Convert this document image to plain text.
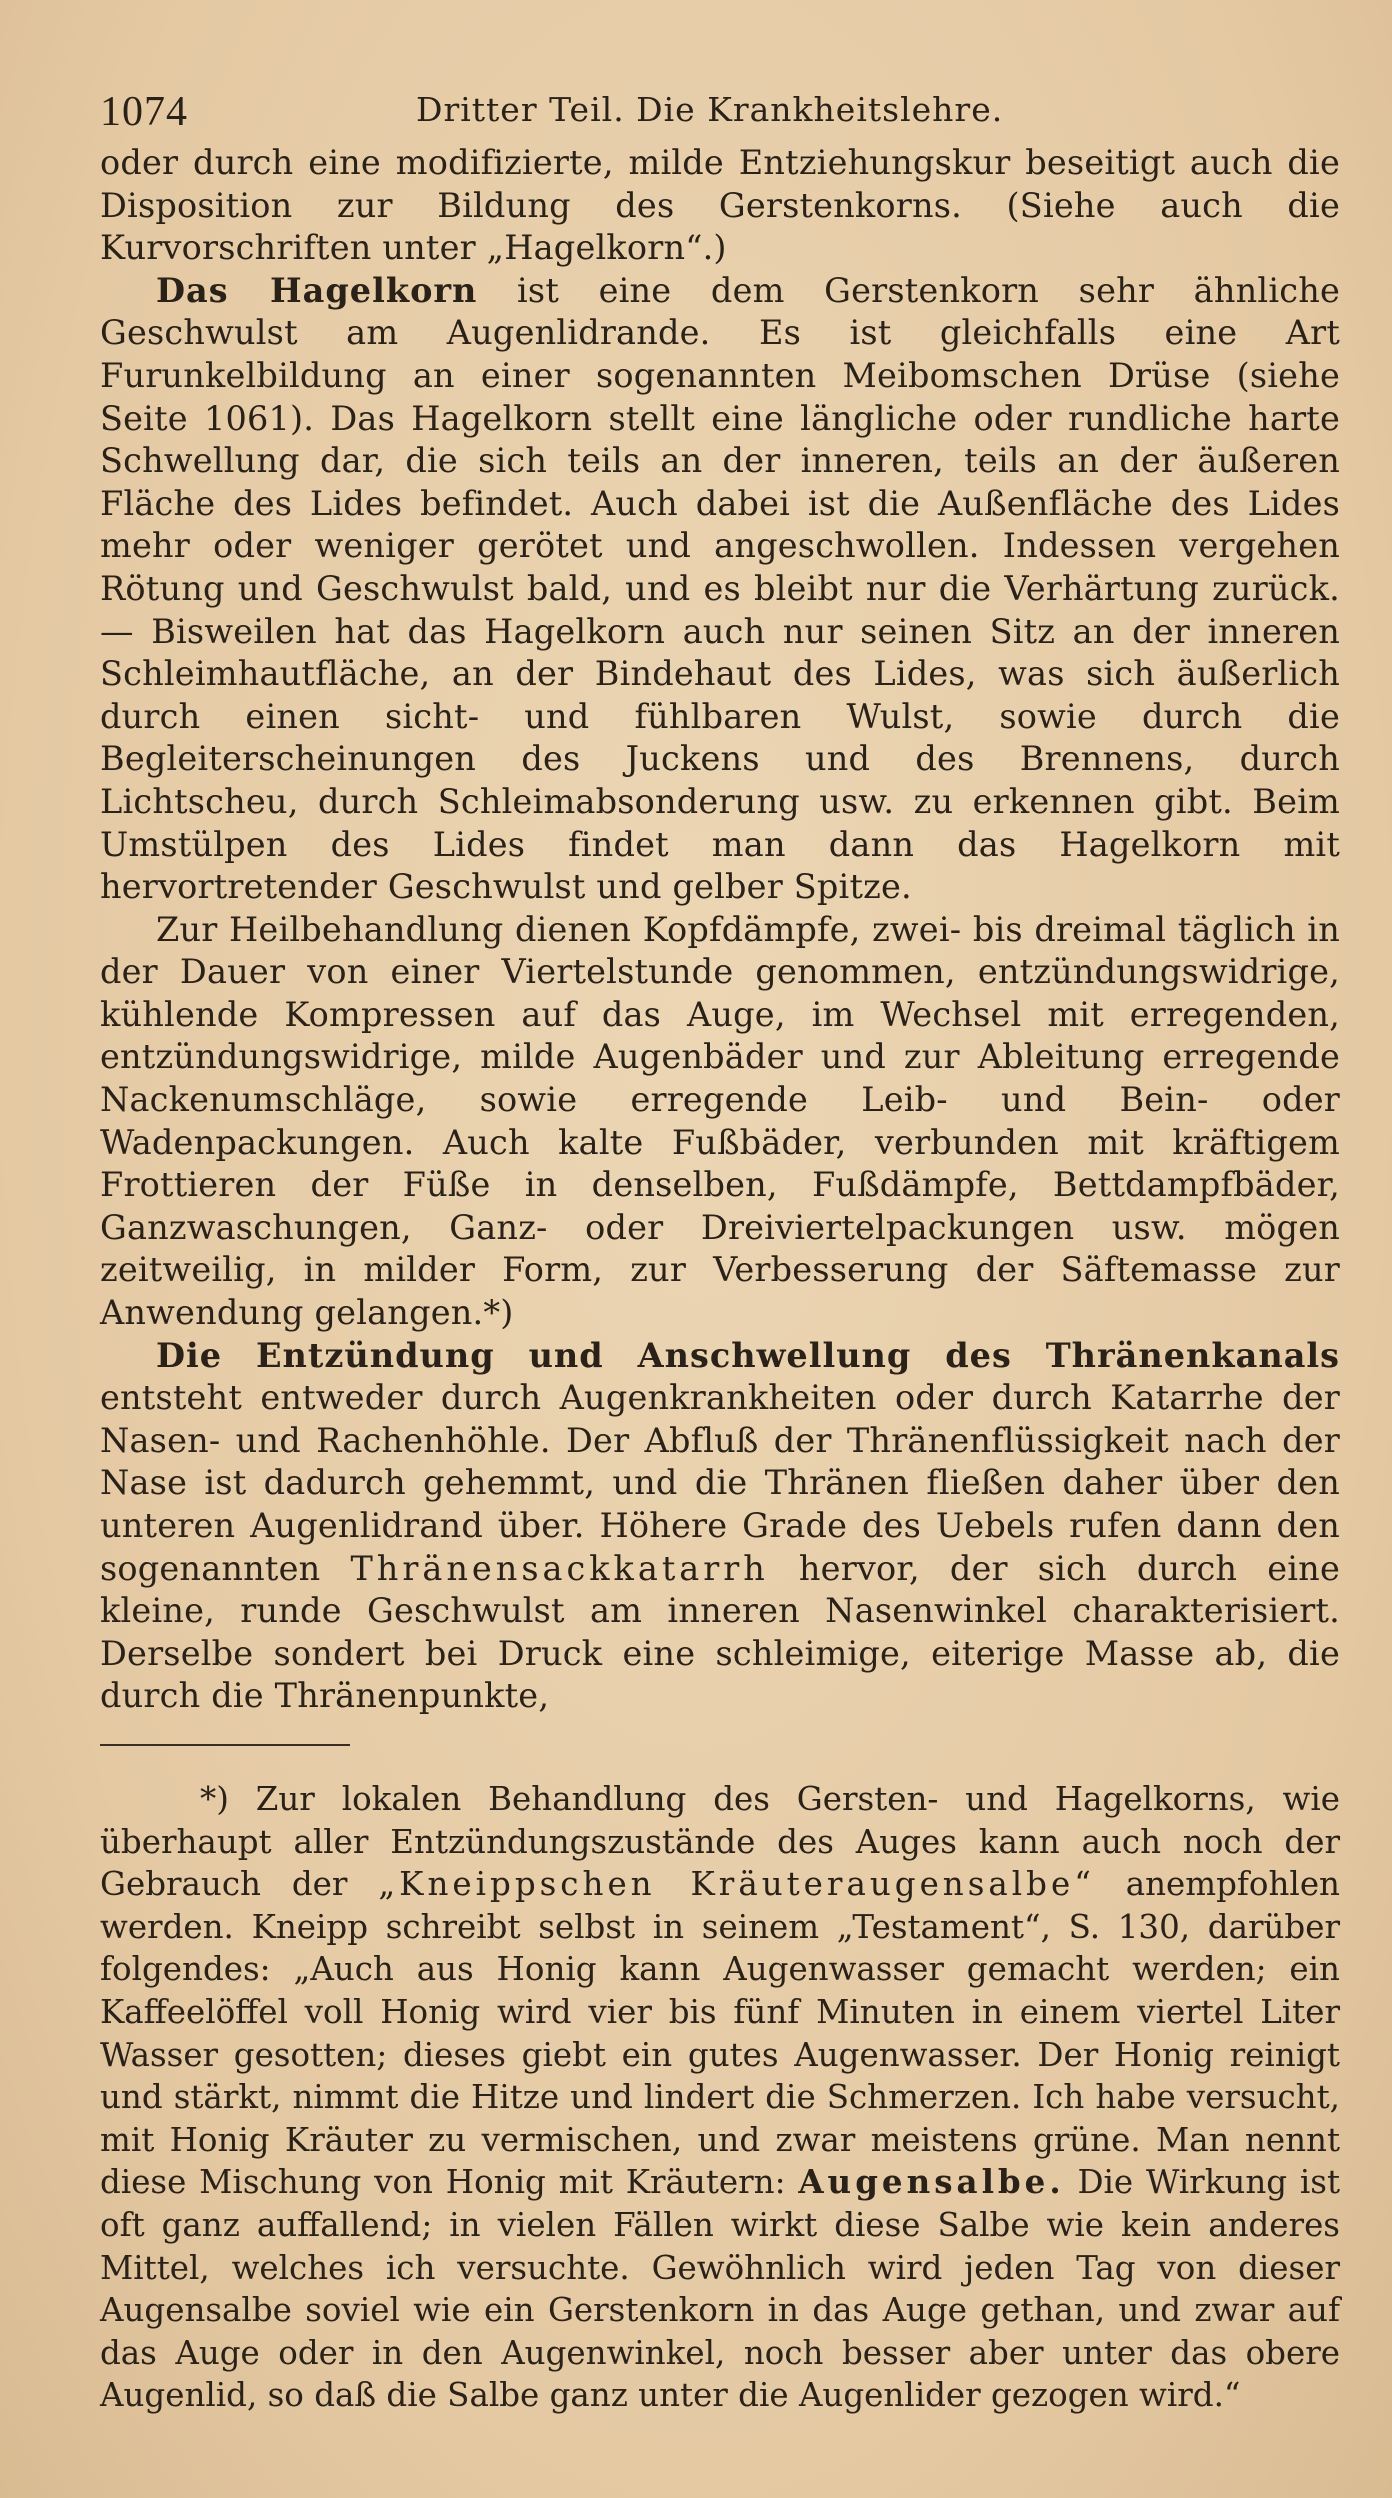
1074	Dritter Teil. Die Krankheitslehre.

oder durch eine modifizierte, milde Entziehungskur beseitigt auch die Disposition zur Bildung des Gerstenkorns. (Siehe auch die Kurvorschriften unter „Hagelkorn“.)

Das Hagelkorn ist eine dem Gerstenkorn sehr ähnliche Geschwulst am Augenlidrande. Es ist gleichfalls eine Art Furunkelbildung an einer sogenannten Meibomschen Drüse (siehe Seite 1061). Das Hagelkorn stellt eine längliche oder rundliche harte Schwellung dar, die sich teils an der inneren, teils an der äußeren Fläche des Lides befindet. Auch dabei ist die Außenfläche des Lides mehr oder weniger gerötet und angeschwollen. Indessen vergehen Rötung und Geschwulst bald, und es bleibt nur die Verhärtung zurück. — Bisweilen hat das Hagelkorn auch nur seinen Sitz an der inneren Schleimhautfläche, an der Bindehaut des Lides, was sich äußerlich durch einen sicht- und fühlbaren Wulst, sowie durch die Begleiterscheinungen des Juckens und des Brennens, durch Lichtscheu, durch Schleimabsonderung usw. zu erkennen gibt. Beim Umstülpen des Lides findet man dann das Hagelkorn mit hervortretender Geschwulst und gelber Spitze.

Zur Heilbehandlung dienen Kopfdämpfe, zwei- bis dreimal täglich in der Dauer von einer Viertelstunde genommen, entzündungswidrige, kühlende Kompressen auf das Auge, im Wechsel mit erregenden, entzündungswidrige, milde Augenbäder und zur Ableitung erregende Nackenumschläge, sowie erregende Leib- und Bein- oder Wadenpackungen. Auch kalte Fußbäder, verbunden mit kräftigem Frottieren der Füße in denselben, Fußdämpfe, Bettdampfbäder, Ganzwaschungen, Ganz- oder Dreiviertelpackungen usw. mögen zeitweilig, in milder Form, zur Verbesserung der Säftemasse zur Anwendung gelangen.*)

Die Entzündung und Anschwellung des Thränenkanals entsteht entweder durch Augenkrankheiten oder durch Katarrhe der Nasen- und Rachenhöhle. Der Abfluß der Thränenflüssigkeit nach der Nase ist dadurch gehemmt, und die Thränen fließen daher über den unteren Augenlidrand über. Höhere Grade des Uebels rufen dann den sogenannten Thränensackkatarrh hervor, der sich durch eine kleine, runde Geschwulst am inneren Nasenwinkel charakterisiert. Derselbe sondert bei Druck eine schleimige, eiterige Masse ab, die durch die Thränenpunkte,

*) Zur lokalen Behandlung des Gersten- und Hagelkorns, wie überhaupt aller Entzündungszustände des Auges kann auch noch der Gebrauch der „Kneippschen Kräuteraugensalbe“ anempfohlen werden. Kneipp schreibt selbst in seinem „Testament“, S. 130, darüber folgendes: „Auch aus Honig kann Augenwasser gemacht werden; ein Kaffeelöffel voll Honig wird vier bis fünf Minuten in einem viertel Liter Wasser gesotten; dieses giebt ein gutes Augenwasser. Der Honig reinigt und stärkt, nimmt die Hitze und lindert die Schmerzen. Ich habe versucht, mit Honig Kräuter zu vermischen, und zwar meistens grüne. Man nennt diese Mischung von Honig mit Kräutern: Augensalbe. Die Wirkung ist oft ganz auffallend; in vielen Fällen wirkt diese Salbe wie kein anderes Mittel, welches ich versuchte. Gewöhnlich wird jeden Tag von dieser Augensalbe soviel wie ein Gerstenkorn in das Auge gethan, und zwar auf das Auge oder in den Augenwinkel, noch besser aber unter das obere Augenlid, so daß die Salbe ganz unter die Augenlider gezogen wird.“
